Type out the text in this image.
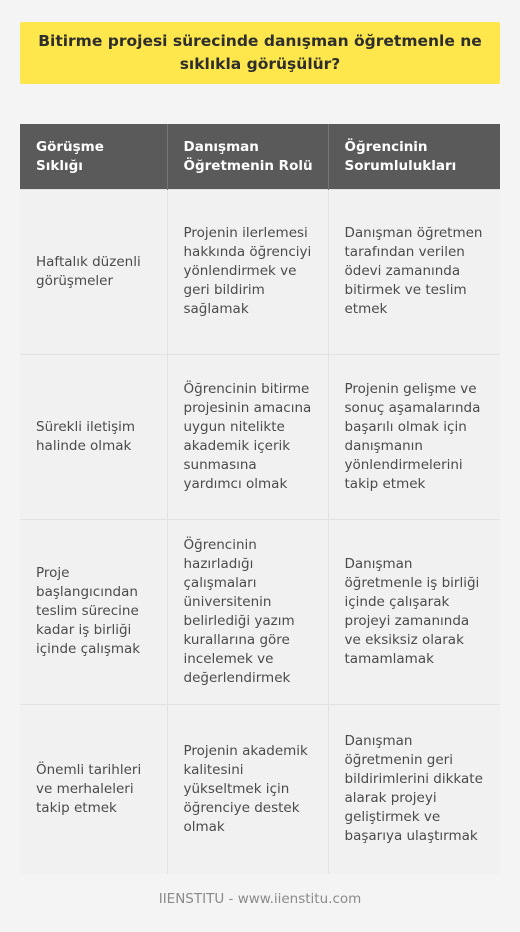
Bitirme projesi sürecinde danışman öğretmenle ne sıklıkla görüşülür?
Görüşme Sıklığı	Danışman Öğretmenin Rolü	Öğrencinin Sorumlulukları
Haftalık düzenli görüşmeler	Projenin ilerlemesi hakkında öğrenciyi yönlendirmek ve geri bildirim sağlamak	Danışman öğretmen tarafından verilen ödevi zamanında bitirmek ve teslim etmek
Sürekli iletişim halinde olmak	Öğrencinin bitirme projesinin amacına uygun nitelikte akademik içerik sunmasına yardımcı olmak	Projenin gelişme ve sonuç aşamalarında başarılı olmak için danışmanın yönlendirmelerini takip etmek
Proje başlangıcından teslim sürecine kadar iş birliği içinde çalışmak	Öğrencinin hazırladığı çalışmaları üniversitenin belirlediği yazım kurallarına göre incelemek ve değerlendirmek	Danışman öğretmenle iş birliği içinde çalışarak projeyi zamanında ve eksiksiz olarak tamamlamak
Önemli tarihleri ve merhaleleri takip etmek	Projenin akademik kalitesini yükseltmek için öğrenciye destek olmak	Danışman öğretmenin geri bildirimlerini dikkate alarak projeyi geliştirmek ve başarıya ulaştırmak
IIENSTITU - www.iienstitu.com
